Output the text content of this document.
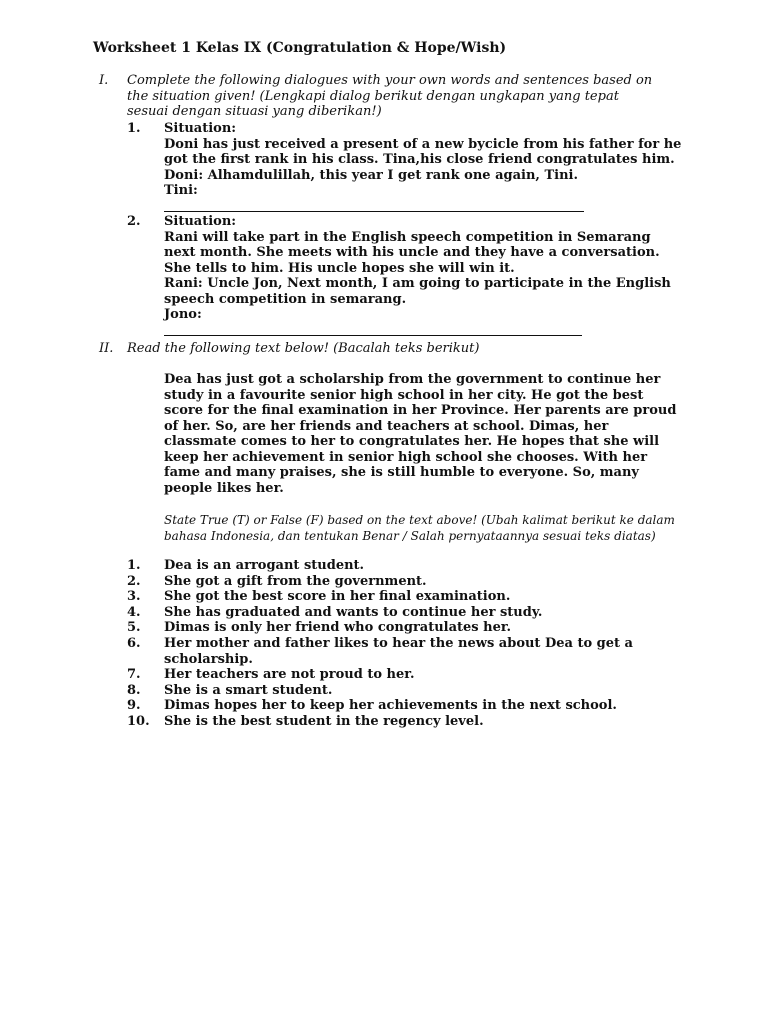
Worksheet 1 Kelas IX (Congratulation & Hope/Wish)
I. Complete the following dialogues with your own words and sentences based on
the situation given! (Lengkapi dialog berikut dengan ungkapan yang tepat
sesuai dengan situasi yang diberikan!)
1.	Situation:
Doni has just received a present of a new bycicle from his father for he
got the first rank in his class. Tina,his close friend congratulates him.
Doni: Alhamdulillah, this year I get rank one again, Tini.
Tini:
2.	Situation:
Rani will take part in the English speech competition in Semarang
next month. She meets with his uncle and they have a conversation.
She tells to him. His uncle hopes she will win it.
Rani: Uncle Jon, Next month, I am going to participate in the English
speech competition in semarang.
Jono:
II. Read the following text below! (Bacalah teks berikut)
Dea has just got a scholarship from the government to continue her
study in a favourite senior high school in her city. He got the best
score for the final examination in her Province. Her parents are proud
of her. So, are her friends and teachers at school. Dimas, her
classmate comes to her to congratulates her. He hopes that she will
keep her achievement in senior high school she chooses. With her
fame and many praises, she is still humble to everyone. So, many
people likes her.
State True (T) or False (F) based on the text above! (Ubah kalimat berikut ke dalam
bahasa Indonesia, dan tentukan Benar / Salah pernyataannya sesuai teks diatas)
1. Dea is an arrogant student.
2. She got a gift from the government.
3. She got the best score in her final examination.
4. She has graduated and wants to continue her study.
5. Dimas is only her friend who congratulates her.
6. Her mother and father likes to hear the news about Dea to get a
scholarship.
7. Her teachers are not proud to her.
8. She is a smart student.
9. Dimas hopes her to keep her achievements in the next school.
10. She is the best student in the regency level.
